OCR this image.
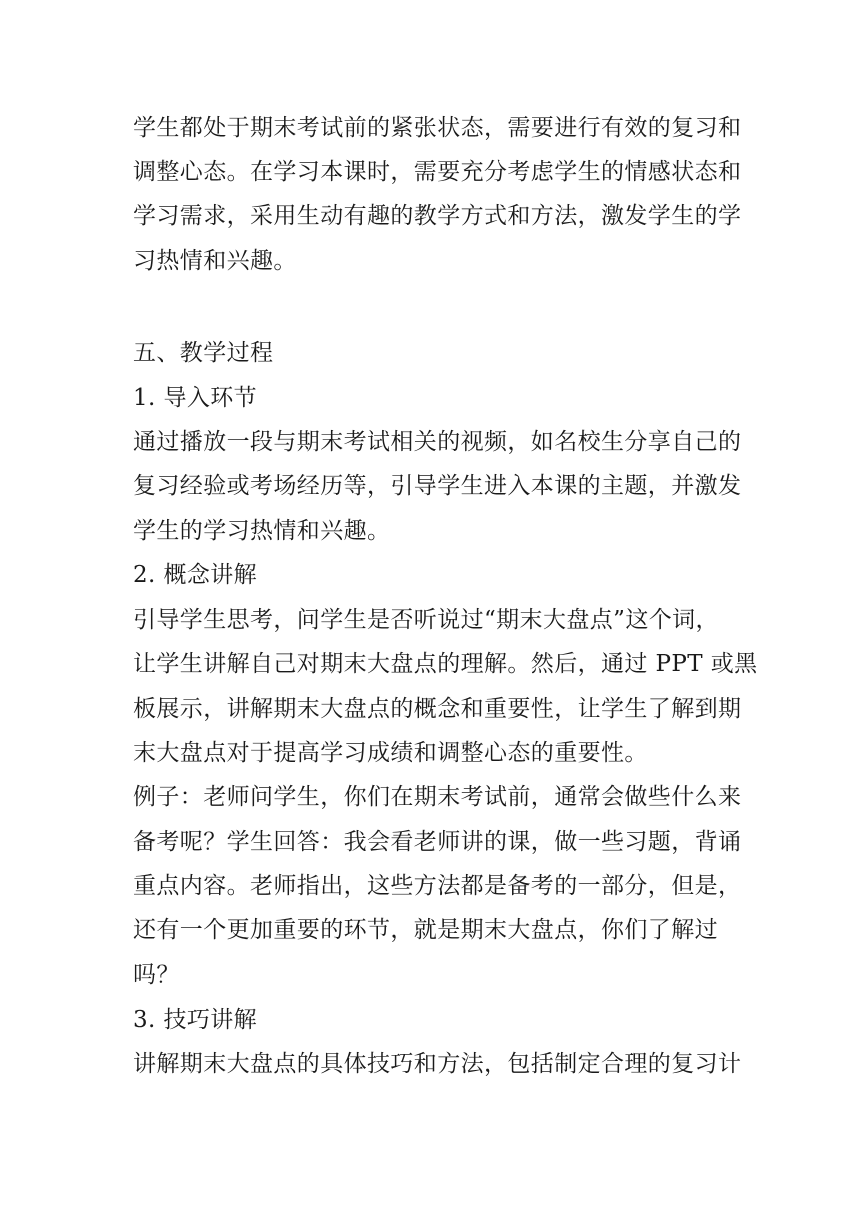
学生都处于期末考试前的紧张状态，需要进行有效的复习和
调整心态。在学习本课时，需要充分考虑学生的情感状态和
学习需求，采用生动有趣的教学方式和方法，激发学生的学
习热情和兴趣。
五、教学过程
1. 导入环节
通过播放一段与期末考试相关的视频，如名校生分享自己的
复习经验或考场经历等，引导学生进入本课的主题，并激发
学生的学习热情和兴趣。
2. 概念讲解
引导学生思考，问学生是否听说过“期末大盘点”这个词，
让学生讲解自己对期末大盘点的理解。然后，通过 PPT 或黑
板展示，讲解期末大盘点的概念和重要性，让学生了解到期
末大盘点对于提高学习成绩和调整心态的重要性。
例子：老师问学生，你们在期末考试前，通常会做些什么来
备考呢？学生回答：我会看老师讲的课，做一些习题，背诵
重点内容。老师指出，这些方法都是备考的一部分，但是，
还有一个更加重要的环节，就是期末大盘点，你们了解过
吗？
3. 技巧讲解
讲解期末大盘点的具体技巧和方法，包括制定合理的复习计
